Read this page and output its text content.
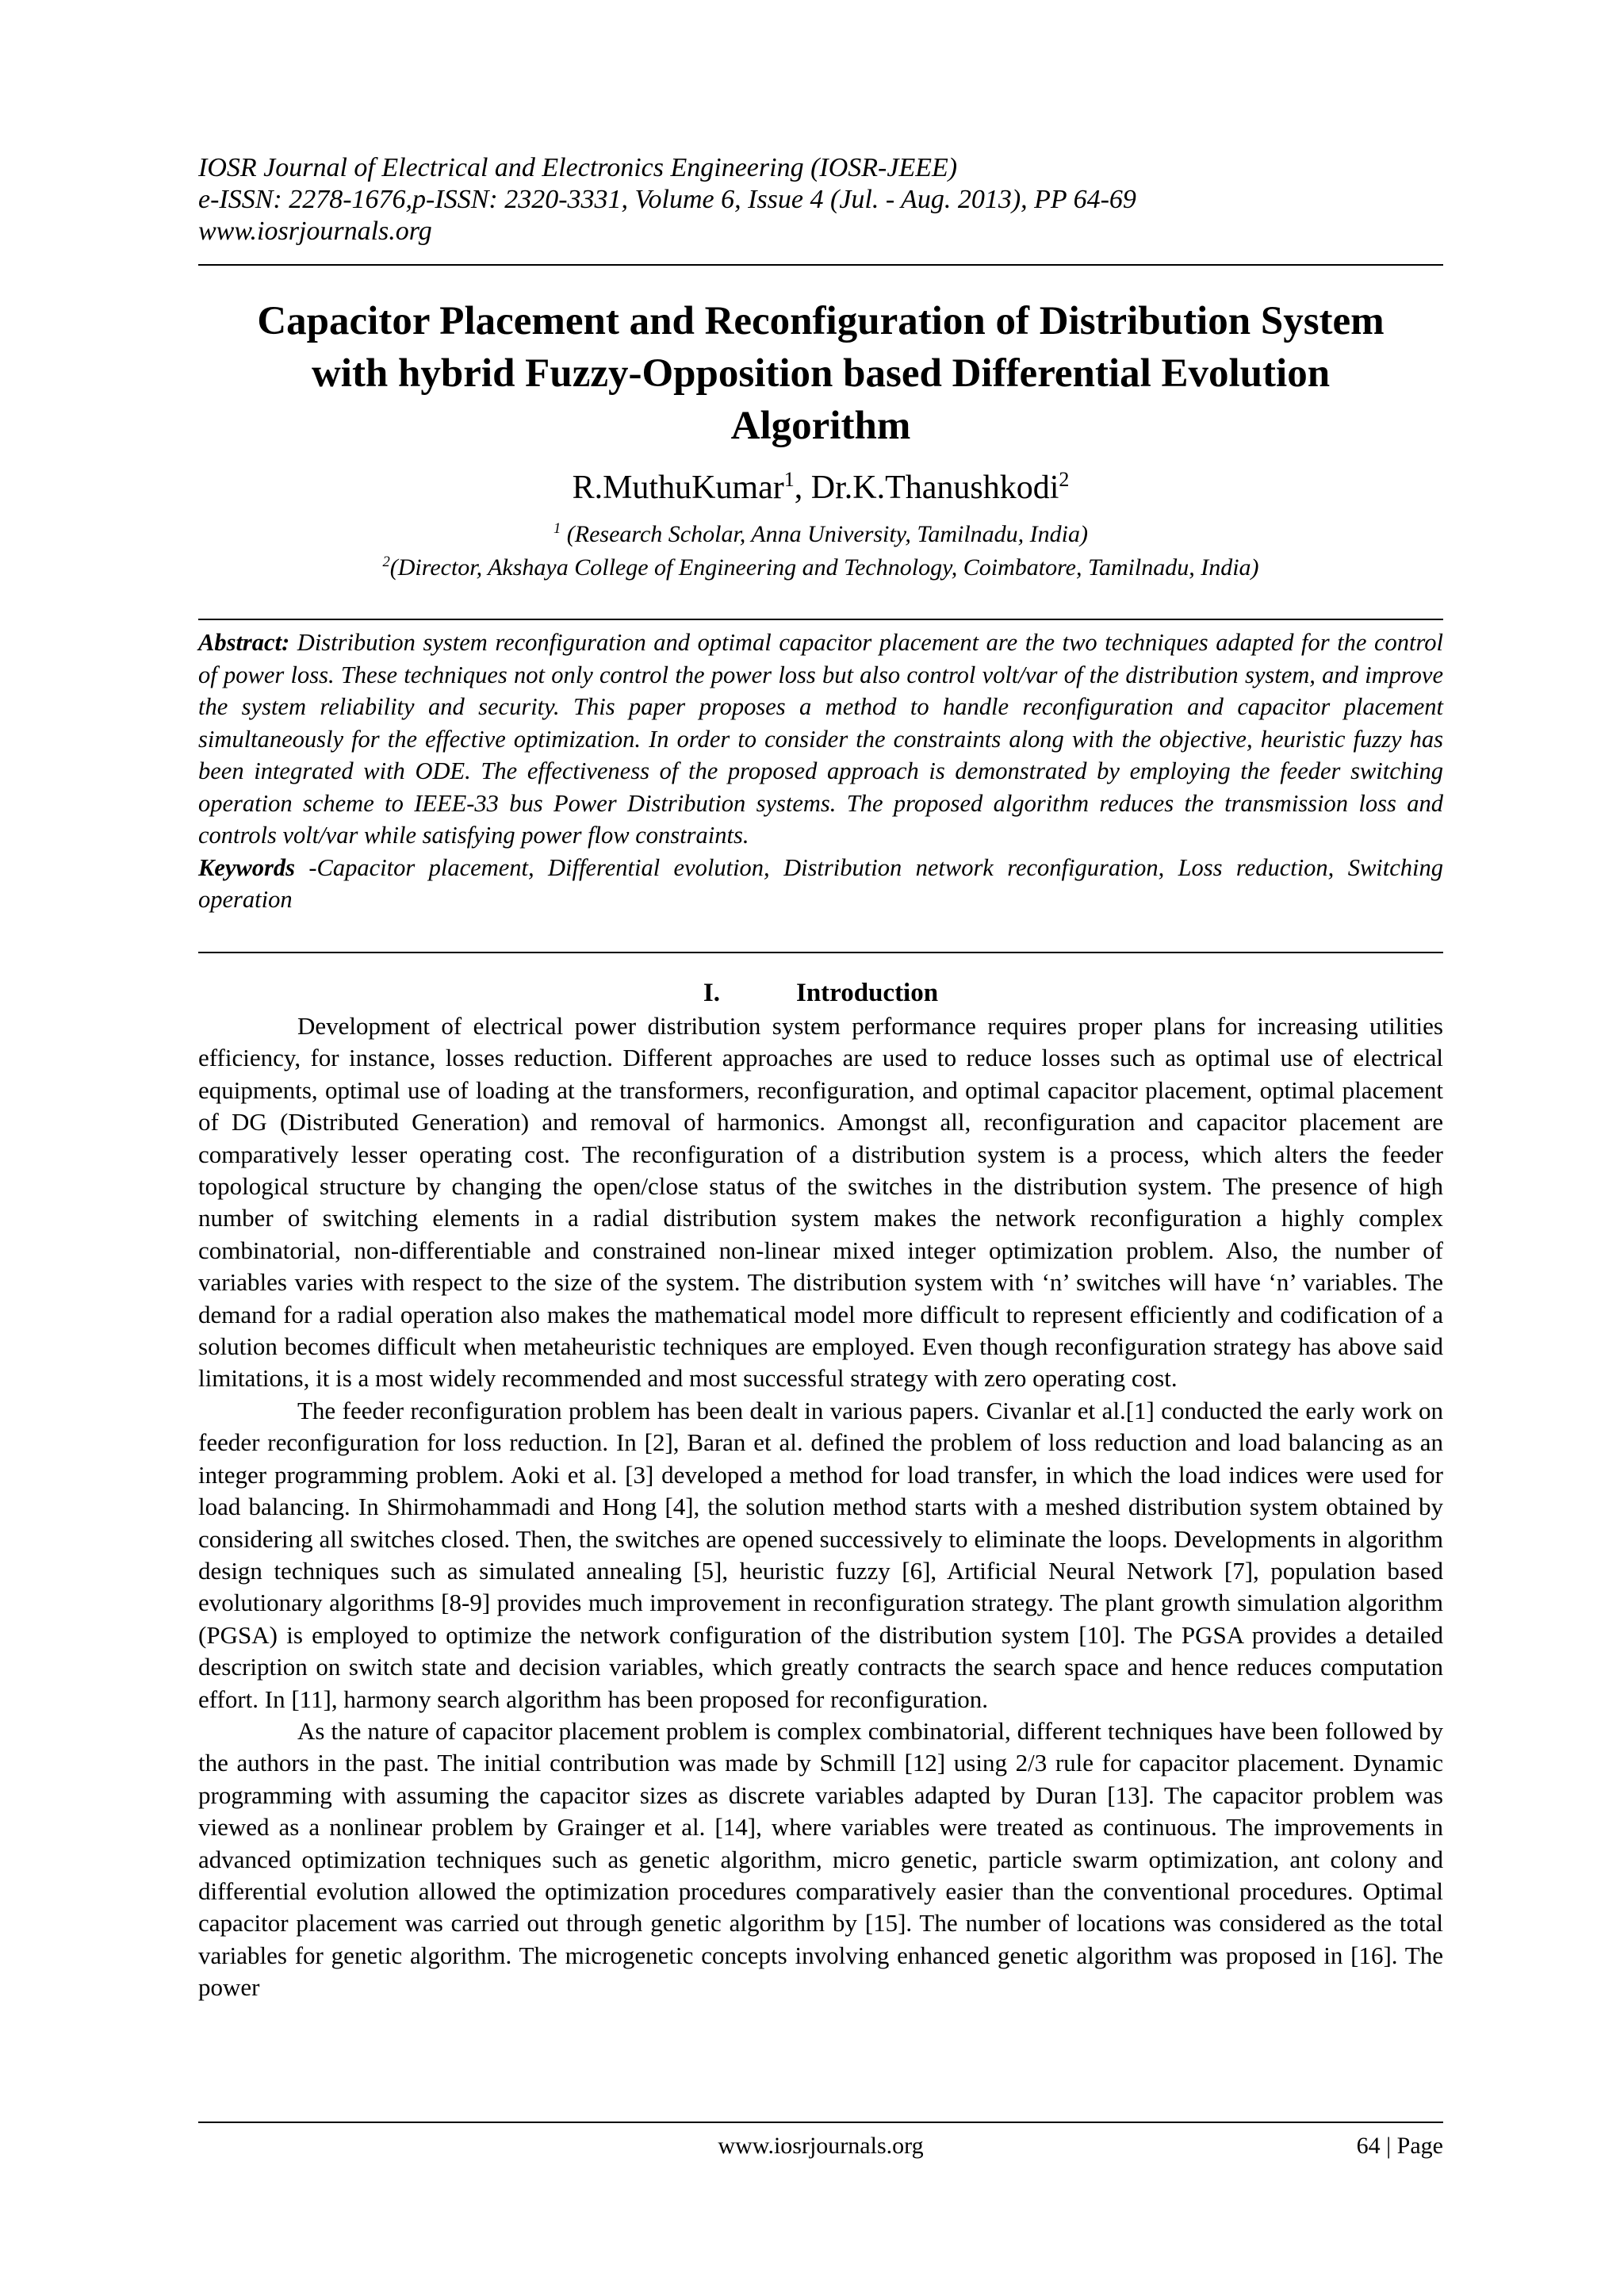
IOSR Journal of Electrical and Electronics Engineering (IOSR-JEEE)
e-ISSN: 2278-1676,p-ISSN: 2320-3331, Volume 6, Issue 4 (Jul. - Aug. 2013), PP 64-69
www.iosrjournals.org
Capacitor Placement and Reconfiguration of Distribution System
with hybrid Fuzzy-Opposition based Differential Evolution
Algorithm
R.MuthuKumar$^1$, Dr.K.Thanushkodi$^2$
$^1$ (Research Scholar, Anna University, Tamilnadu, India)
$^2$(Director, Akshaya College of Engineering and Technology, Coimbatore, Tamilnadu, India)

Abstract: Distribution system reconfiguration and optimal capacitor placement are the two techniques adapted for the control of power loss. These techniques not only control the power loss but also control volt/var of the distribution system, and improve the system reliability and security. This paper proposes a method to handle reconfiguration and capacitor placement simultaneously for the effective optimization. In order to consider the constraints along with the objective, heuristic fuzzy has been integrated with ODE. The effectiveness of the proposed approach is demonstrated by employing the feeder switching operation scheme to IEEE-33 bus Power Distribution systems. The proposed algorithm reduces the transmission loss and controls volt/var while satisfying power flow constraints.

Keywords -Capacitor placement, Differential evolution, Distribution network reconfiguration, Loss reduction, Switching operation

I.	Introduction

Development of electrical power distribution system performance requires proper plans for increasing utilities efficiency, for instance, losses reduction. Different approaches are used to reduce losses such as optimal use of electrical equipments, optimal use of loading at the transformers, reconfiguration, and optimal capacitor placement, optimal placement of DG (Distributed Generation) and removal of harmonics. Amongst all, reconfiguration and capacitor placement are comparatively lesser operating cost. The reconfiguration of a distribution system is a process, which alters the feeder topological structure by changing the open/close status of the switches in the distribution system. The presence of high number of switching elements in a radial distribution system makes the network reconfiguration a highly complex combinatorial, non-differentiable and constrained non-linear mixed integer optimization problem. Also, the number of variables varies with respect to the size of the system. The distribution system with ‘n’ switches will have ‘n’ variables. The demand for a radial operation also makes the mathematical model more difficult to represent efficiently and codification of a solution becomes difficult when metaheuristic techniques are employed. Even though reconfiguration strategy has above said limitations, it is a most widely recommended and most successful strategy with zero operating cost.

The feeder reconfiguration problem has been dealt in various papers. Civanlar et al.[1] conducted the early work on feeder reconfiguration for loss reduction. In [2], Baran et al. defined the problem of loss reduction and load balancing as an integer programming problem. Aoki et al. [3] developed a method for load transfer, in which the load indices were used for load balancing. In Shirmohammadi and Hong [4], the solution method starts with a meshed distribution system obtained by considering all switches closed. Then, the switches are opened successively to eliminate the loops. Developments in algorithm design techniques such as simulated annealing [5], heuristic fuzzy [6], Artificial Neural Network [7], population based evolutionary algorithms [8-9] provides much improvement in reconfiguration strategy. The plant growth simulation algorithm (PGSA) is employed to optimize the network configuration of the distribution system [10]. The PGSA provides a detailed description on switch state and decision variables, which greatly contracts the search space and hence reduces computation effort. In [11], harmony search algorithm has been proposed for reconfiguration.

As the nature of capacitor placement problem is complex combinatorial, different techniques have been followed by the authors in the past. The initial contribution was made by Schmill [12] using 2/3 rule for capacitor placement. Dynamic programming with assuming the capacitor sizes as discrete variables adapted by Duran [13]. The capacitor problem was viewed as a nonlinear problem by Grainger et al. [14], where variables were treated as continuous. The improvements in advanced optimization techniques such as genetic algorithm, micro genetic, particle swarm optimization, ant colony and differential evolution allowed the optimization procedures comparatively easier than the conventional procedures. Optimal capacitor placement was carried out through genetic algorithm by [15]. The number of locations was considered as the total variables for genetic algorithm. The microgenetic concepts involving enhanced genetic algorithm was proposed in [16]. The power

www.iosrjournals.org	64 | Page
